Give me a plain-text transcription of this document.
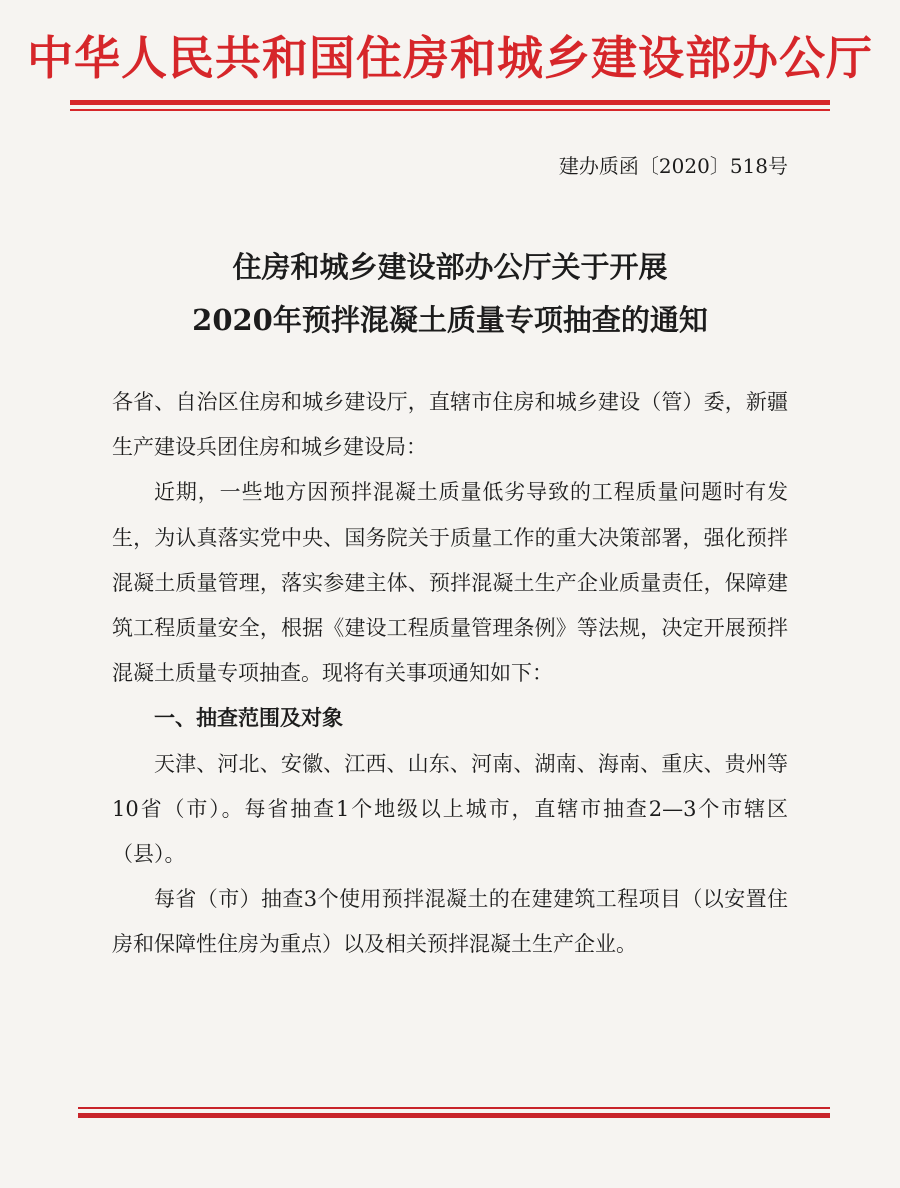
中华人民共和国住房和城乡建设部办公厅
建办质函〔2020〕518号
住房和城乡建设部办公厅关于开展
2020年预拌混凝土质量专项抽查的通知

各省、自治区住房和城乡建设厅，直辖市住房和城乡建设（管）委，新疆生产建设兵团住房和城乡建设局：

近期，一些地方因预拌混凝土质量低劣导致的工程质量问题时有发生，为认真落实党中央、国务院关于质量工作的重大决策部署，强化预拌混凝土质量管理，落实参建主体、预拌混凝土生产企业质量责任，保障建筑工程质量安全，根据《建设工程质量管理条例》等法规，决定开展预拌混凝土质量专项抽查。现将有关事项通知如下：

一、抽查范围及对象

天津、河北、安徽、江西、山东、河南、湖南、海南、重庆、贵州等10省（市）。每省抽查1个地级以上城市，直辖市抽查2—3个市辖区（县）。

每省（市）抽查3个使用预拌混凝土的在建建筑工程项目（以安置住房和保障性住房为重点）以及相关预拌混凝土生产企业。
